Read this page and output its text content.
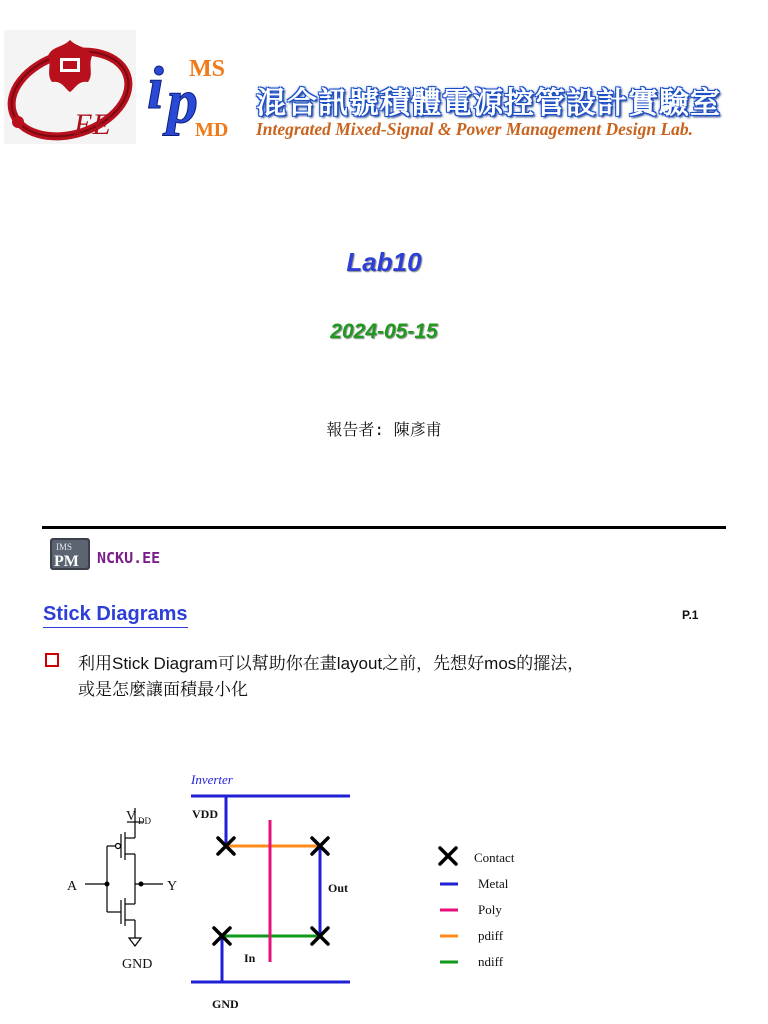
EE
i p
MS
MD
混合訊號積體電源控管設計實驗室
Integrated Mixed-Signal & Power Management Design Lab.
Lab10
2024-05-15
報告者: 陳彥甫
IMS
PM NCKU.EE
Stick Diagrams	P.1
利用Stick Diagram可以幫助你在畫layout之前，先想好mos的擺法，
或是怎麼讓面積最小化
V DD
A	Y
GND
Inverter
VDD
Out
In
GND
Contact
Metal
Poly
pdiff
ndiff
